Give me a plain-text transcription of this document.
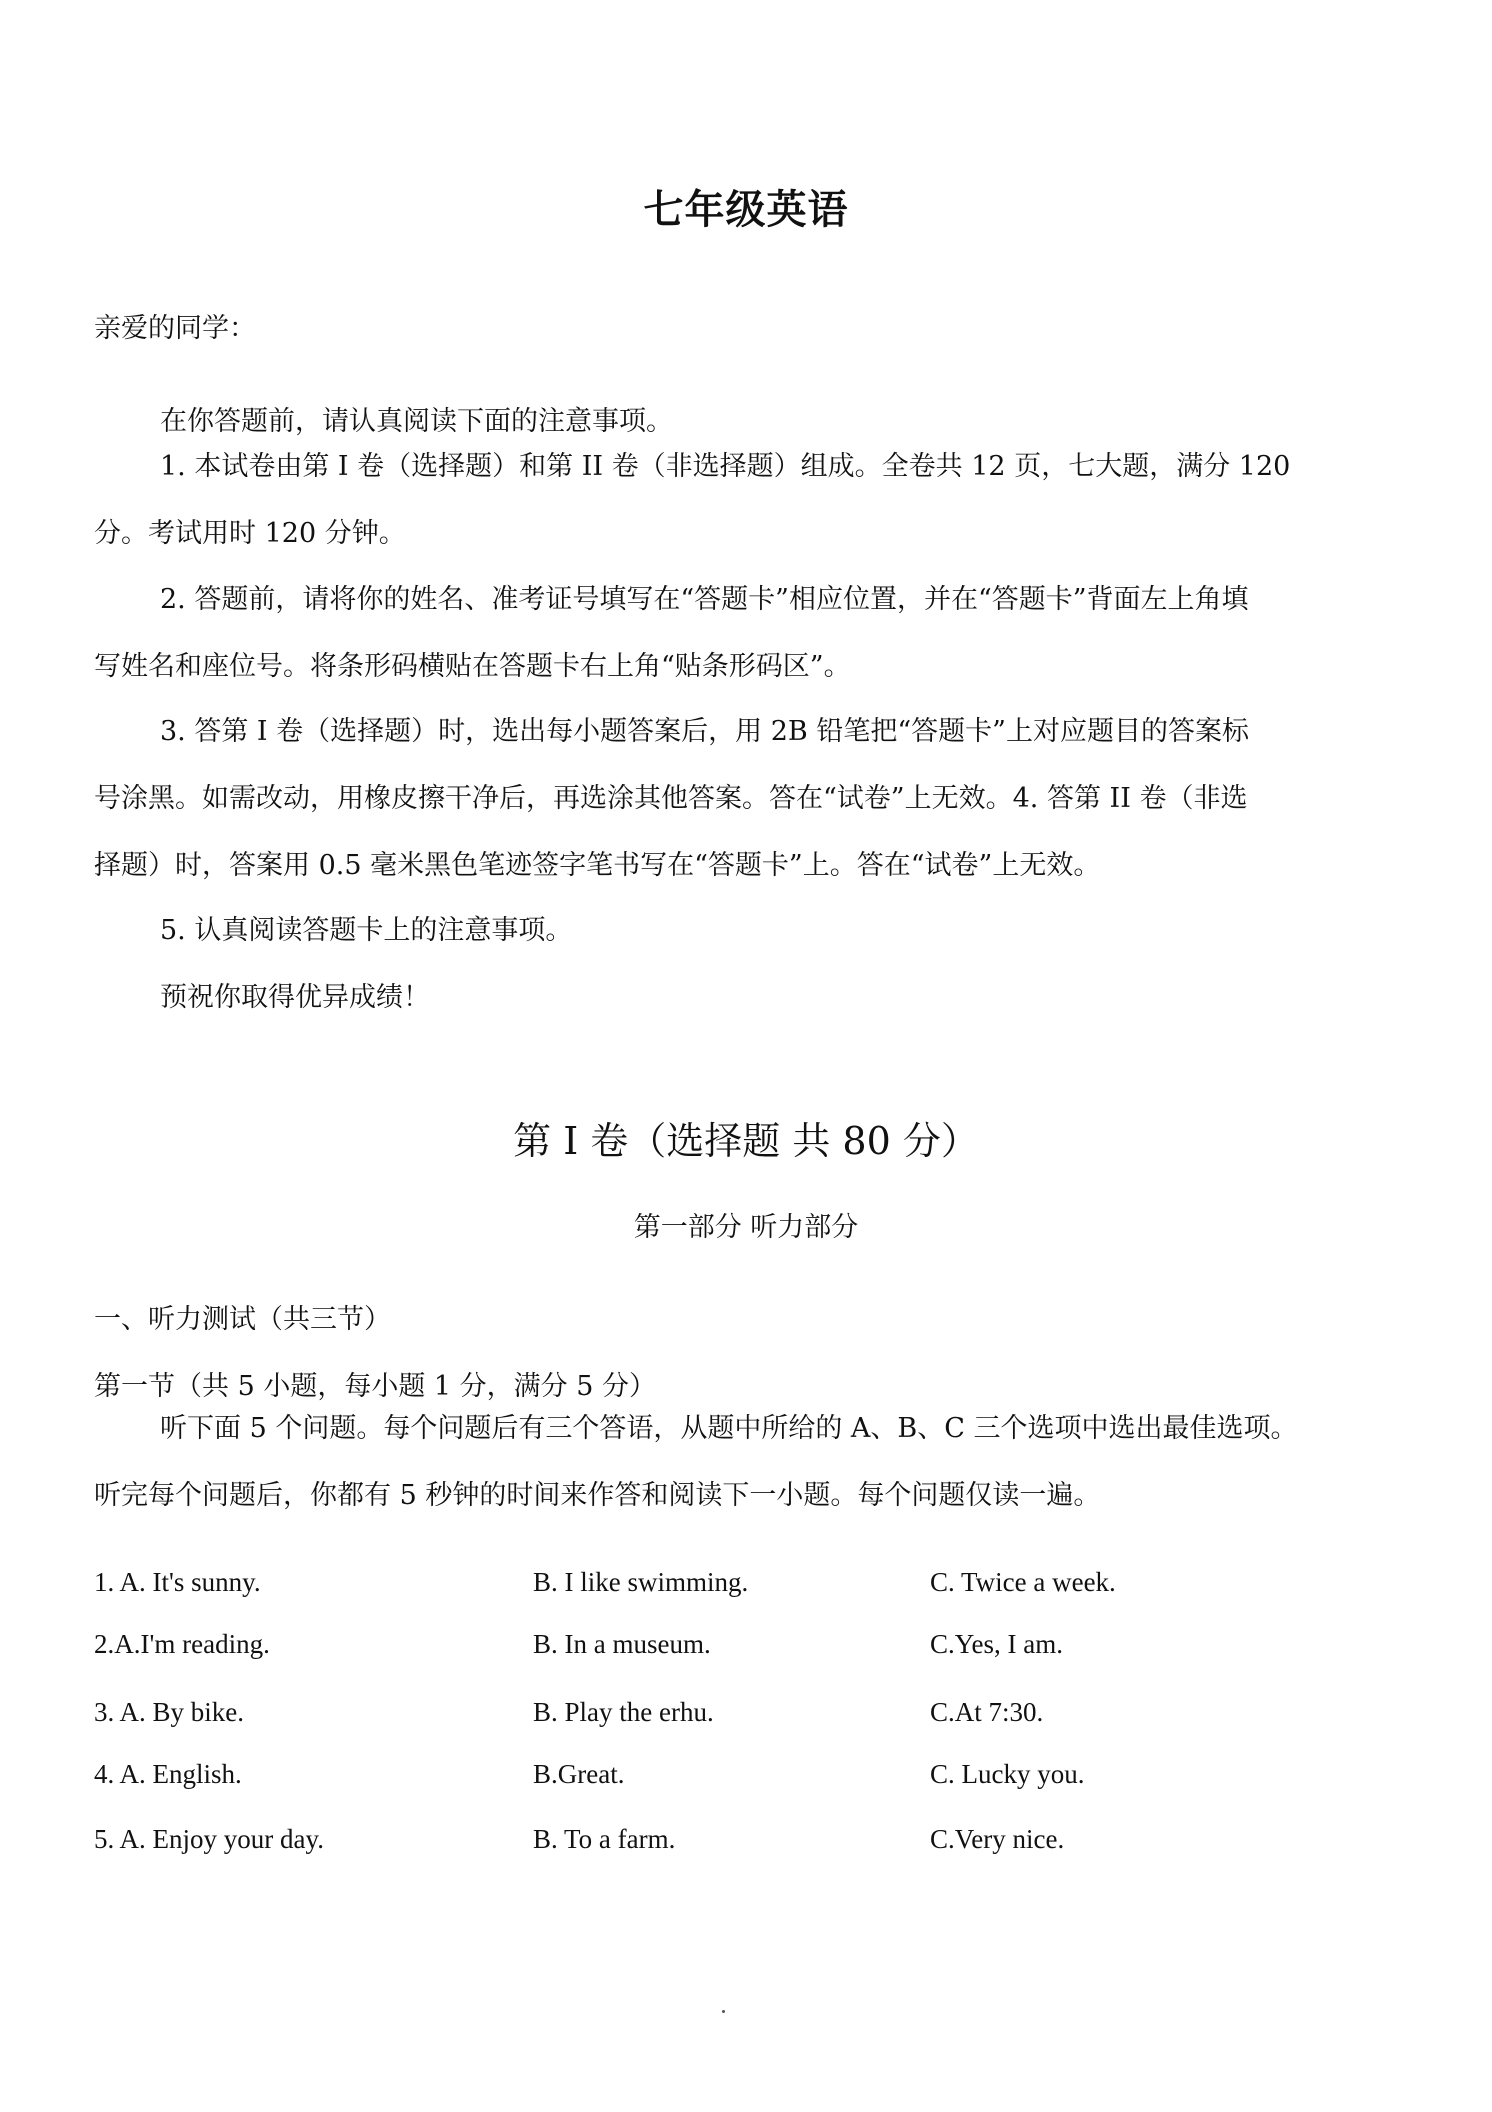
七年级英语
亲爱的同学：
在你答题前，请认真阅读下面的注意事项。
1. 本试卷由第 I 卷（选择题）和第 II 卷（非选择题）组成。全卷共 12 页，七大题，满分 120
分。考试用时 120 分钟。
2. 答题前，请将你的姓名、准考证号填写在“答题卡”相应位置，并在“答题卡”背面左上角填
写姓名和座位号。将条形码横贴在答题卡右上角“贴条形码区”。
3. 答第 I 卷（选择题）时，选出每小题答案后，用 2B 铅笔把“答题卡”上对应题目的答案标
号涂黑。如需改动，用橡皮擦干净后，再选涂其他答案。答在“试卷”上无效。4. 答第 II 卷（非选
择题）时，答案用 0.5 毫米黑色笔迹签字笔书写在“答题卡”上。答在“试卷”上无效。
5. 认真阅读答题卡上的注意事项。
预祝你取得优异成绩！
第 I 卷（选择题 共 80 分）
第一部分 听力部分
一、听力测试（共三节）
第一节（共 5 小题，每小题 1 分，满分 5 分）
听下面 5 个问题。每个问题后有三个答语，从题中所给的 A、B、C 三个选项中选出最佳选项。
听完每个问题后，你都有 5 秒钟的时间来作答和阅读下一小题。每个问题仅读一遍。
1. A. It's sunny.	B. I like swimming.	C. Twice a week.
2.A.I'm reading.	B. In a museum.	C.Yes, I am.
3. A. By bike.	B. Play the erhu.	C.At 7:30.
4. A. English.	B.Great.	C. Lucky you.
5. A. Enjoy your day.	B. To a farm.	C.Very nice.
